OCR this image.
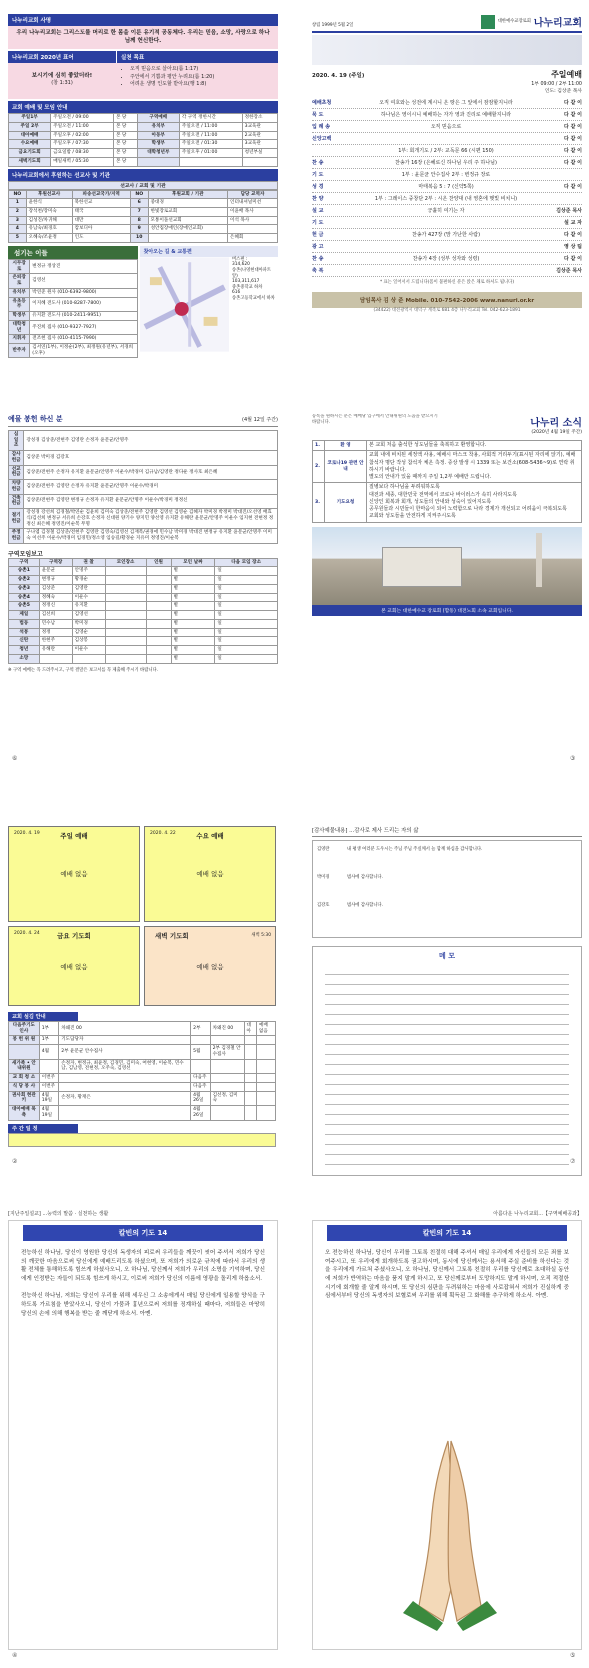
나누리교회 사명
우리 나누리교회는 그리스도를 머리로 한 몸을 이룬 유기적 공동체다. 우리는 믿음, 소망, 사랑으로 하나님께 헌신한다.
나누리교회 2020년 표어	실천 목표
보시기에 심히 좋았더라!
(창 1:31)
• 오직 믿음으로 살아요(롬 1:17)
• 주안에서 기쁨과 평안 누려요(롬 1:20)
• 어려운 생명 인도할 받아요(행 1:8)
교회 예배 및 모임 안내
주일1부	주일오전 / 09:00	본 당	구역예배	각 구역 정한시간	정한장소
주일 2부	주일오전 / 11:00	본 당	유치부	주일오전 / 11:00	3교육관
대아예배	주일오후 / 02:00	본 당	아동부	주일오전 / 11:00	2교육관
수요예배	주일오후 / 07:30	본 당	학생부	주일오전 / 01:30	3교육관
금요기도회	금요일밤 / 08:30	본 당	대학청년부	주일오후 / 01:00	청년부실
새벽기도회	매일새벽 / 05:30	본 당			
나누리교회에서 후원하는 선교사 및 기관
선교사 / 교회 및 기관
NO	후원선교사	파송선교국가/지역	NO	후원교회 / 기관	담당 교역자
1	윤한식	북한선교	6	중대경	인터내셔널미션
2	장석천/장미숙	태국	7	한빛장로교회	이윤배 목사
3	김성진/차귀해	대만	8	모퉁이돌선교회	이석 목사
4	유남숙/최경호	캄보디아	9	성안집장애인(장애인교회)	
5	오혜숙/조윤정	인도	10		은혜회
섬기는 이들
시무장로	변정규 정상진
은퇴장로	김영선
유치부	박연준 원사 (010-6392-9800)
유초등부	이지혜 전도사 (010-8287-7800)
학생부	유지환 전도사 (010-2411-9951)
대학청년	주진희 집사 (010-9327-7927)
지휘자	전조현 집사 (010-4115-7990)
반주자	김서연(1부), 이정순(2부), 최정원(유년부), 서경희(오후)
찾아오는 길 & 교통편
버스편 :
314,620
송촌(나영현대아파트 앞)
103,311,617
중촌중학교 하차
616
송촌고등학교에서 하차
창립 1999년 5월 2일
대한예수교장로회 나누리교회
2020. 4. 19 (주일)	주일예배
1부 09:00 / 2부 11:00
인도: 김상준 목사
예배초청	오직 여호와는 성전에 계시니 온 땅은 그 앞에서 잠잠할지니라	다 같 이
묵 도	하나님은 영이시니 예배하는 자가 영과 진리로 예배할지니라	다 같 이
입 례 송	오직 믿음으로	다 같 이
신앙고백	다 같 이
1부: 회개기도 / 2부: 교독문 66 (시편 150)	다 같 이
찬 송	찬송가 16장 (은혜로신 하나님 우리 주 하나님)	다 같 이
기 도	1부 : 윤문균 안수집사 2부 : 변정규 장로
성 경	마태복음 5 : 7 (신약5쪽)	다 같 이
찬 양	1부 : 그레이스 중창단 2부 : 시온 찬양대 (내 영혼에 햇빛 비치니)
설 교	긍휼히 여기는 자	김상준 목사
기 도	설 교 자
헌 금	찬송가 427장 (맘 가난한 사람)	다 같 이
광 고	영 상 팀
찬 송	찬송가 4장 (성부 성자와 성령)	다 같 이
축 복	김상준 목사
* 표는 일어서서 드립니다(몸이 불편하신 분은 앉은 채로 하셔도 됩니다)
담임목사 김 상 준 Mobile. 010-7542-2006 www.nanuri.or.kr
(34422) 대전광역시 대덕구 계족로 681 4층 나누리교회 Tel. 042-623-1891
예물 봉헌 하신 분	(4월 12일 주간)
십 일 조	강성경 김상준/전현주 김영란 손정자 윤문균/안명주
감사헌금	김상준 박미경 김강호
선교헌금	김상준/전현주 손정자 유지환 윤문균/안명주 이운수/박경미 김규남/김영란 정다운 정사호 최은혜
차량헌금	김상준/전현주 김영란 손정자 유지환 윤문균/안명주 이운수/박경미
건축헌금	김상준/전현주 김영란 변정규 손정자 유지환 윤문균/안명주 이운수/박경미 정정신
절기헌금	강성경 강선희 김경철/박연순 김윤희 김미숙 김상준/전현주 김영란 김영선 김영순 김혜자 박미경 박정미 박대진/오선영 배효식/김선희 변정규 서유희 손강호 손정자 신대원 양기수 양지민 양선영 유지환 유해란 윤문균/안명주 이운수 임지현 전현정 정정신 최은혜 정영진/이순복 무명
주정헌금	구나엽 김경철 김상준/전현주 김영란 김영숙/김영선 김재복/권경애 민수남 박미경 박대진 변정규 유지환 윤문균/안명주 이미숙 이선주 이운수/박경미 임경민/정소영 임승길/황경순 지유미 정영진/이순복
구역모임보고
구역	구역장	권 찰	모인장소	인원	모인 날짜	다음 모임 장소
송촌1	윤문균	안명주			별	일
송촌2	변정규	황경순			별	일
송촌3	김상준	김영란			별	일
송촌4	정혜숙	이운수			별	일
송촌5	정정신	유지환			별	일
제일	김선희	김영선			별	일
법동	민수남	박미경			별	일
석봉	정정	김영순			별	일
신탄	한현주	김상봉			별	일
청년	유해란	이운수			별	일
소망					별	일
※ 구역 예배는 꼭 드려주시고, 구역 결말은 보고서를 꼭 제출해 주시기 바랍니다.
⑥
등록을 원하시는 분은 예배당 입구에서 안내위원의 도움을 받으시기 바랍니다.	나누리 소식
(2020년 4월 19일 주간)
1.	환 영	본 교회 처음 출석한 성도님들을 축복하고 환영합니다.
2.	코로나19 관련 안내	교회 내에 비치된 세정액 사용, 예배시 마스크 착용, 사회적 거리두기(표시된 자리에 앉기), 예배참석자 명단 작성 참석자 체온 측정. 증상 발생 시 1339 또는 보건소(608-5436~9)로 연락 취하시기 바랍니다.
별도의 안내가 있을 때까지 주일 1,2부 예배만 드립니다.
3.	기도요청	질병보다 하나님을 두려워하도록
대전과 세종, 대한민국 전역에서 코로나 바이러스가 속히 사라지도록
신앙인 회복과 회개, 성도들의 안내와 성숙이 있어지도록
공무원들과 시민들이 한마음이 되어 노력함으로 나라 경제가 개선되고 어려움이 극복되도록
교회와 성도들을 안전하게 지켜주시도록
본 교회는 대한예수교 장로회 (합동) 대전노회 소속 교회입니다.
③
2020. 4. 19	주일 예배
예배 없음
2020. 4. 22	수요 예배
예배 없음
2020. 4. 24	금요 기도회
예배 없음
새벽 기도회	새벽 5:30
예배 없음
교회 섬김 안내
다음주기도인사	1부	차왜진 00	2부	차왜진 00	대아	예배 없음
봉 헌 위 원	1부	기도답당자				
	4월	2부 윤문균 안수집사	5월	2부 김경철 안수집사		
새가족 • 안내위원		손정자, 변정규, 최윤정, 김경민, 김미숙, 여현영, 이순복, 민수남, 김남영, 전현정, 오주숙, 김영선				
교 회 청 소	이번주		다음주			
식 당 봉 사	이번주		다음주			
권사회 현관키	4월 19일	손정자, 황재은	4월 26일	김선정, 김미숙		
대아예배 목축	4월 19일		4월 26일			
주 간 일 정
②
[감사예물내용] ...감사로 제사 드리는 자의 삶
김영란	내 평생 여러분 도우시는 주님 주님 주실께서 늘 함께 하심을 감사합니다.
박미경	범사에 감사합니다.
김강호	범사에 감사합니다.
메 모
⑦
[지난주일설교] ...능력의 말씀 · 실천하는 생활
칼빈의 기도 14
전능하신 하나님, 당신이 영원한 당신의 독생자의 피로써 우리들을 깨끗이 씻어 주셔서 저희가 당신의 깨끗한 마음으로써 당신에게 예배드리도록 하셨으며, 또 저희가 의로운 규칙에 따라서 우리의 생활 전체를 통해하도록 힘쓰게 하셨사오니, 오 하나님, 당신께서 저희가 우리의 소명을 기억하며, 당신에게 인정받는 자들이 되도록 힘쓰게 하시고, 이로써 저희가 당신의 이름에 영광을 돌리게 하옵소서.

전능하신 하나님, 저희는 당신이 우리를 위해 세우신 그 소송에게서 매일 당신에게 일용할 양식을 구하도록 가르침을 받았사오니, 당신이 가뭄과 흉년으로써 저희를 징계하실 때마다, 저희들은 마땅히 당신의 손에 의해 행복을 받는 줄 깨닫게 하소서. 아멘.
④
아름다운 나누리교회...【구역예배공과】
칼빈의 기도 14
오 전능하신 하나님, 당신이 우리를 그토록 친절히 대해 주셔서 매일 우리에게 자신들의 모든 죄를 보여주시고, 또 우리에게 회개하도록 권고하시며, 동시에 당신께서는 용서해 주실 준비를 하신다는 것을 우리에게 가르쳐 주셨사오니, 오 하나님, 당신께서 그토록 친절히 우리를 당신께로 초대하실 동안에 저희가 반역하는 마음을 품지 말게 하시고, 또 당신께로부터 도망하지도 말게 하시며, 오직 적절한 시기에 회개할 줄 알게 하시며, 또 당신의 심판을 두려워하는 마음에 사로잡혀서 저희가 진실하게 중심에서부터 당신의 독생자의 보혈로써 우리를 위해 획득된 그 화해를 추구하게 하소서. 아멘.
⑤
